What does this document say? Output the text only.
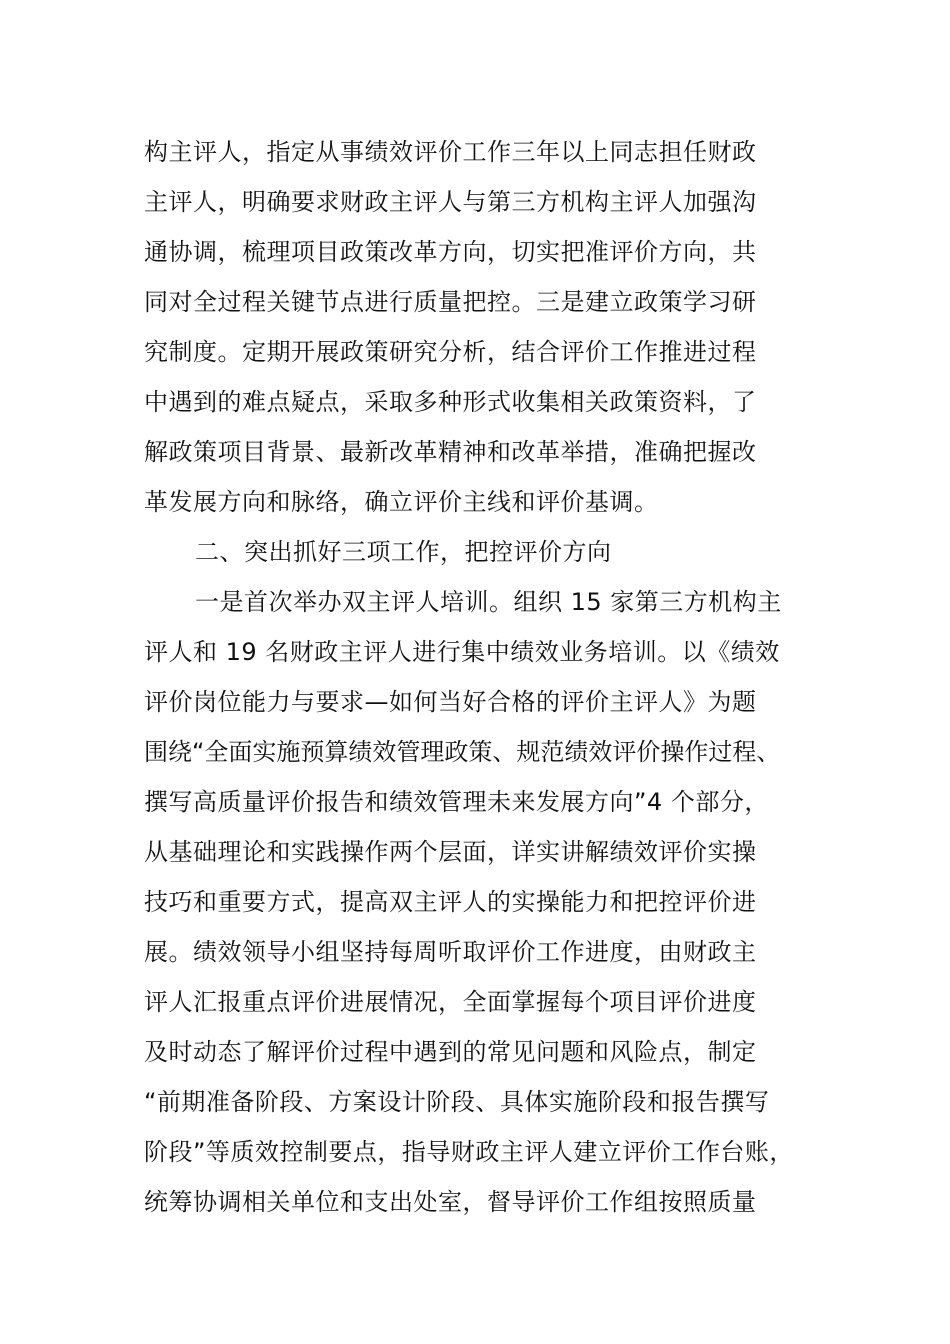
构主评人，指定从事绩效评价工作三年以上同志担任财政
主评人，明确要求财政主评人与第三方机构主评人加强沟
通协调，梳理项目政策改革方向，切实把准评价方向，共
同对全过程关键节点进行质量把控。三是建立政策学习研
究制度。定期开展政策研究分析，结合评价工作推进过程
中遇到的难点疑点，采取多种形式收集相关政策资料，了
解政策项目背景、最新改革精神和改革举措，准确把握改
革发展方向和脉络，确立评价主线和评价基调。
二、突出抓好三项工作，把控评价方向
一是首次举办双主评人培训。组织 15 家第三方机构主
评人和 19 名财政主评人进行集中绩效业务培训。以《绩效
评价岗位能力与要求—如何当好合格的评价主评人》为题
围绕“全面实施预算绩效管理政策、规范绩效评价操作过程、
撰写高质量评价报告和绩效管理未来发展方向”4 个部分，
从基础理论和实践操作两个层面，详实讲解绩效评价实操
技巧和重要方式，提高双主评人的实操能力和把控评价进
展。绩效领导小组坚持每周听取评价工作进度，由财政主
评人汇报重点评价进展情况，全面掌握每个项目评价进度
及时动态了解评价过程中遇到的常见问题和风险点，制定
“前期准备阶段、方案设计阶段、具体实施阶段和报告撰写
阶段”等质效控制要点，指导财政主评人建立评价工作台账，
统筹协调相关单位和支出处室，督导评价工作组按照质量
